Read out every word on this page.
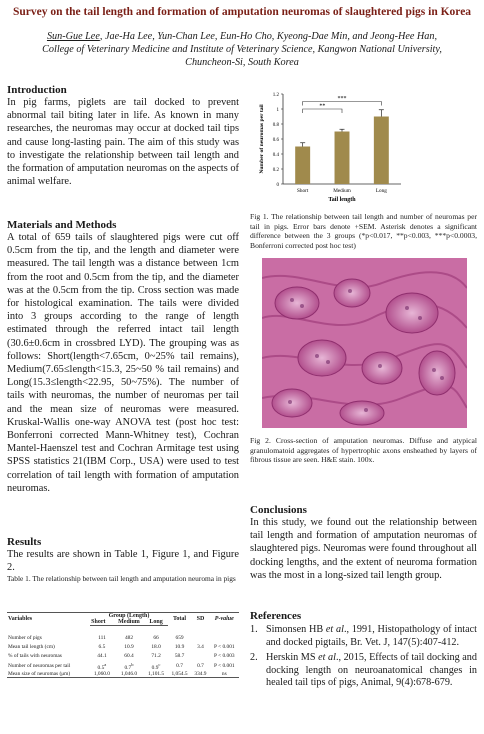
Survey on the tail length and formation of amputation neuromas of slaughtered pigs in Korea
Sun-Gue Lee, Jae-Ha Lee, Yun-Chan Lee, Eun-Ho Cho, Kyeong-Dae Min, and Jeong-Hee Han,
College of Veterinary Medicine and Institute of Veterinary Science, Kangwon National University,
Chuncheon-Si, South Korea

Introduction

In pig farms, piglets are tail docked to prevent abnormal tail biting later in life. As known in many researches, the neuromas may occur at docked tail tips and cause long-lasting pain. The aim of this study was to investigate the relationship between tail length and the formation of amputation neuromas on the aspects of animal welfare.

Materials and Methods

A total of 659 tails of slaughtered pigs were cut off 0.5cm from the tip, and the length and diameter were measured. The tail length was a distance between 1cm from the root and 0.5cm from the tip, and the diameter was at the 0.5cm from the tip. Cross section was made for histological examination. The tails were divided into 3 groups according to the range of length estimated through the referred intact tail length (30.6±0.6cm in crossbred LYD). The grouping was as follows: Short(length<7.65cm, 0~25% tail remains), Medium(7.65≤length<15.3, 25~50 % tail remains) and Long(15.3≤length<22.95, 50~75%). The number of tails with neuromas, the number of neuromas per tail and the mean size of neuromas were measured. Kruskal-Wallis one-way ANOVA test (post hoc test: Bonferroni corrected Mann-Whitney test), Cochran Mantel-Haenszel test and Cochran Armitage test using SPSS statistics 21(IBM Corp., USA) were used to test correlation of tail length with formation of amputation neuromas.

Results

The results are shown in Table 1, Figure 1, and Figure 2.

Table 1. The relationship between tail length and amputation neuroma in pigs

Variables	Group (Length)			Total	SD	P-value
	Short	Medium	Long			

Number of pigs	111	482	66	659		

Mean tail length (cm)	6.5	10.9	18.0	10.9	3.4	P < 0.001

% of tails with neuromas	44.1	60.4	71.2	58.7		P < 0.003

Number of neuromas per tail	0.5$^a$	0.7$^b$	0.9$^c$	0.7	0.7	P < 0.001
Mean size of neuromas (μm)	1,060.0	1,046.0	1,101.5	1,054.5	334.9	ns
0
0.2
0.4
0.6
0.8
1
1.2
Short	Medium	Long
Tail length
Number of neuromas per tail	**
***

Fig 1. The relationship between tail length and number of neuromas per tail in pigs. Error bars denote +SEM. Asterisk denotes a significant difference between the 3 groups (*p<0.017, **p<0.003, ***p<0.0003, Bonferroni corrected post hoc test)

Fig 2. Cross-section of amputation neuromas. Diffuse and atypical granulomatoid aggregates of hypertrophic axons ensheathed by layers of fibrous tissue are seen. H&E stain. 100x.

Conclusions

In this study, we found out the relationship between tail length and formation of amputation neuromas of slaughtered pigs. Neuromas were found throughout all docking lengths, and the extent of neuroma formation was the most in a long-sized tail length group.

References

1. Simonsen HB et al., 1991, Histopathology of intact and docked pigtails, Br. Vet. J, 147(5):407-412.
2. Herskin MS et al., 2015, Effects of tail docking and docking length on neuroanatomical changes in healed tail tips of pigs, Animal, 9(4):678-679.
